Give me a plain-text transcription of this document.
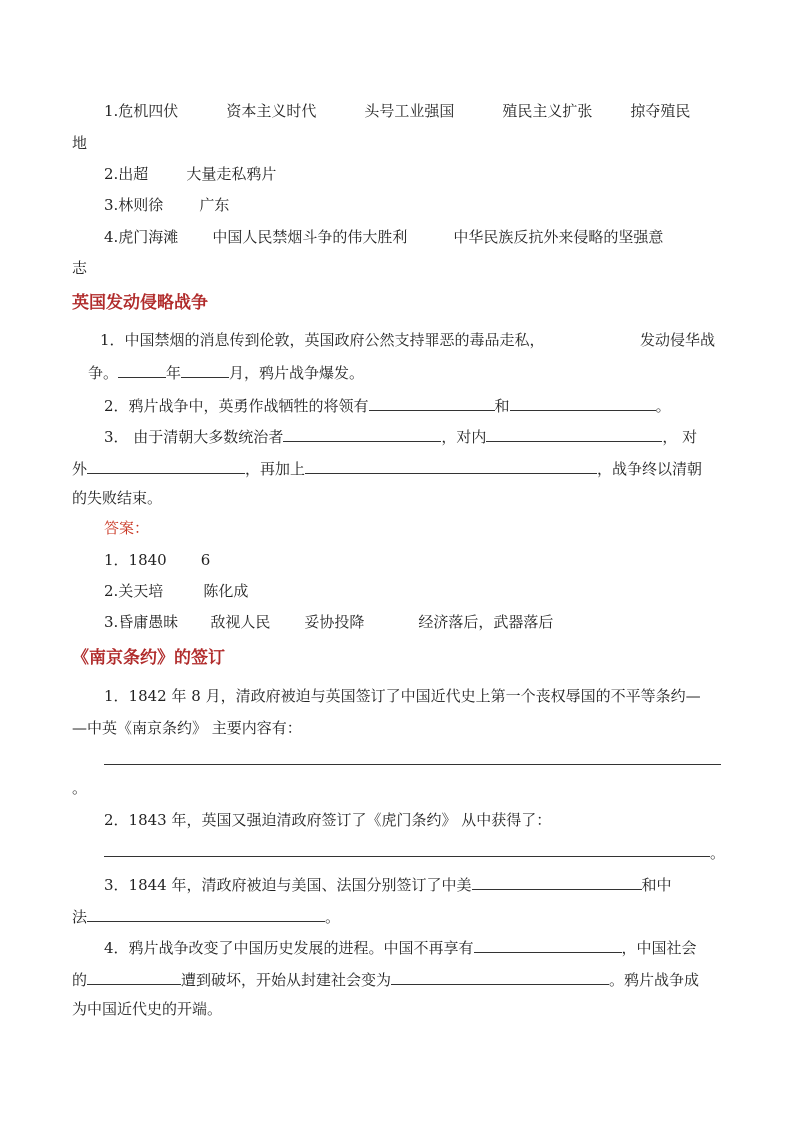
1.危机四伏	资本主义时代	头号工业强国	殖民主义扩张	掠夺殖民
地
2.出超	大量走私鸦片
3.林则徐 广东
4.虎门海滩 中国人民禁烟斗争的伟大胜利	中华民族反抗外来侵略的坚强意
志
英国发动侵略战争
1．中国禁烟的消息传到伦敦，英国政府公然支持罪恶的毒品走私，	发动侵华战
争。	年	月，鸦片战争爆发。
2．鸦片战争中，英勇作战牺牲的将领有	和	。
3． 由于清朝大多数统治者	，对内	， 对
外	，再加上	，战争终以清朝
的失败结束。
答案：
1．1840 6
2.关天培	陈化成
3.昏庸愚昧 敌视人民 妥协投降	经济落后，武器落后
《南京条约》的签订
1．1842 年 8 月，清政府被迫与英国签订了中国近代史上第一个丧权辱国的不平等条约—
—中英《南京条约》 主要内容有：
。
2．1843 年，英国又强迫清政府签订了《虎门条约》 从中获得了：
。
3．1844 年，清政府被迫与美国、法国分别签订了中美	和中
法	。
4．鸦片战争改变了中国历史发展的进程。中国不再享有	，中国社会
的	遭到破坏，开始从封建社会变为	。鸦片战争成
为中国近代史的开端。
